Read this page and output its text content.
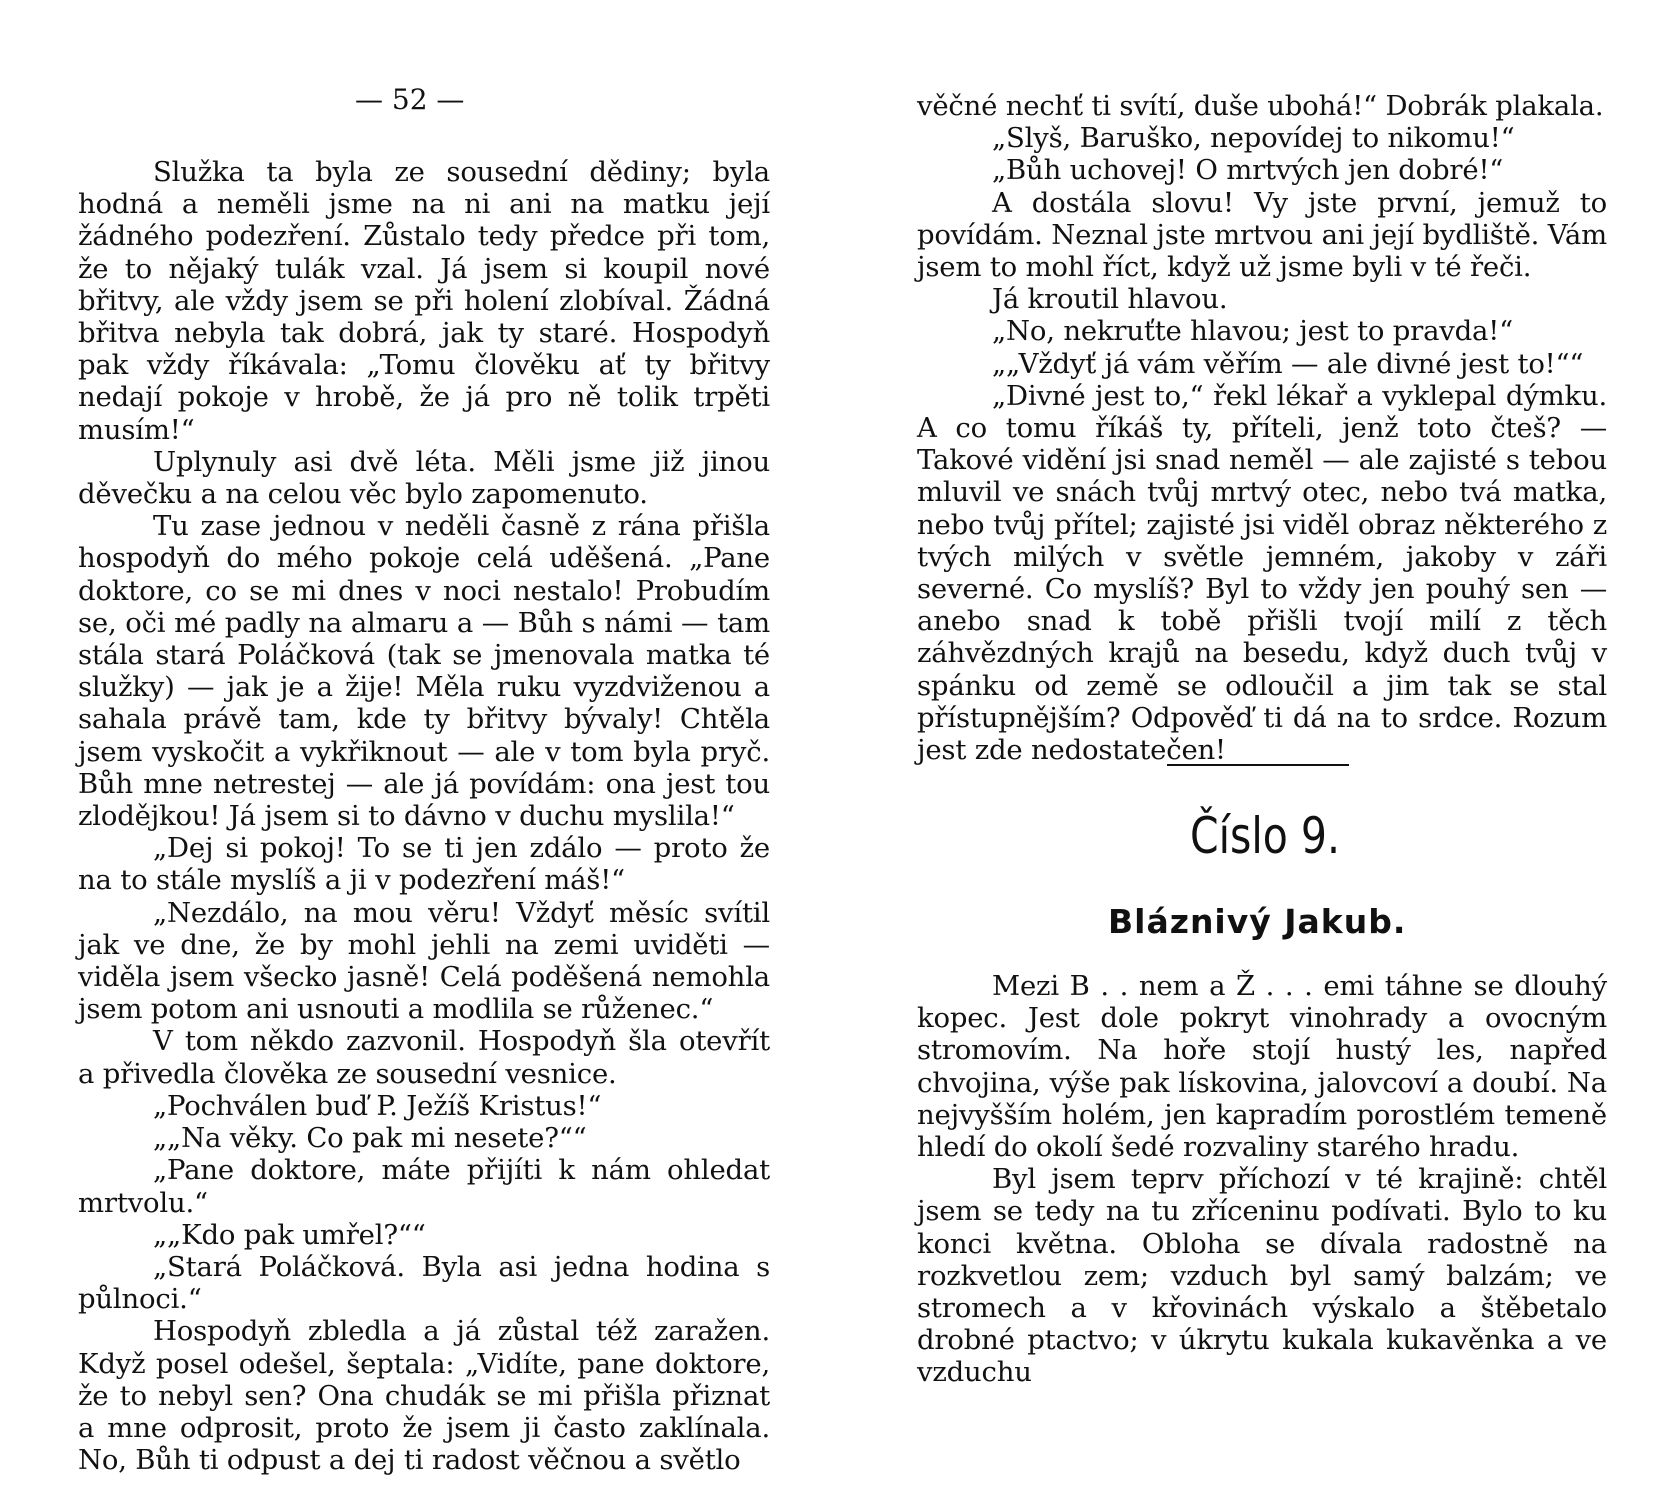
— 52 —

Služka ta byla ze sousední dědiny; byla hodná a neměli jsme na ni ani na matku její žádného podezření. Zůstalo tedy předce při tom, že to nějaký tulák vzal. Já jsem si koupil nové břitvy, ale vždy jsem se při holení zlobíval. Žádná břitva nebyla tak dobrá, jak ty staré. Hospodyň pak vždy říkávala: „Tomu člověku ať ty břitvy nedají pokoje v hrobě, že já pro ně tolik trpěti musím!“

Uplynuly asi dvě léta. Měli jsme již jinou děvečku a na celou věc bylo zapomenuto.

Tu zase jednou v neděli časně z rána přišla hospodyň do mého pokoje celá uděšená. „Pane doktore, co se mi dnes v noci nestalo! Probudím se, oči mé padly na almaru a — Bůh s námi — tam stála stará Poláčková (tak se jmenovala matka té služky) — jak je a žije! Měla ruku vyzdviženou a sahala právě tam, kde ty břitvy bývaly! Chtěla jsem vyskočit a vykřiknout — ale v tom byla pryč. Bůh mne netrestej — ale já povídám: ona jest tou zlodějkou! Já jsem si to dávno v duchu myslila!“

„Dej si pokoj! To se ti jen zdálo — proto že na to stále myslíš a ji v podezření máš!“

„Nezdálo, na mou věru! Vždyť měsíc svítil jak ve dne, že by mohl jehli na zemi uviděti — viděla jsem všecko jasně! Celá poděšená nemohla jsem potom ani usnouti a modlila se růženec.“

V tom někdo zazvonil. Hospodyň šla otevřít a přivedla člověka ze sousední vesnice.

„Pochválen buď P. Ježíš Kristus!“

„„Na věky. Co pak mi nesete?““

„Pane doktore, máte přijíti k nám ohledat mrtvolu.“

„„Kdo pak umřel?““

„Stará Poláčková. Byla asi jedna hodina s půlnoci.“

Hospodyň zbledla a já zůstal též zaražen. Když posel odešel, šeptala: „Vidíte, pane doktore, že to nebyl sen? Ona chudák se mi přišla přiznat a mne odprosit, proto že jsem ji často zaklínala. No, Bůh ti odpust a dej ti radost věčnou a světlo

věčné nechť ti svítí, duše ubohá!“ Dobrák plakala.

„Slyš, Baruško, nepovídej to nikomu!“

„Bůh uchovej! O mrtvých jen dobré!“

A dostála slovu! Vy jste první, jemuž to povídám. Neznal jste mrtvou ani její bydliště. Vám jsem to mohl říct, když už jsme byli v té řeči.

Já kroutil hlavou.

„No, nekruťte hlavou; jest to pravda!“

„„Vždyť já vám věřím — ale divné jest to!““

„Divné jest to,“ řekl lékař a vyklepal dýmku. A co tomu říkáš ty, příteli, jenž toto čteš? — Takové vidění jsi snad neměl — ale zajisté s tebou mluvil ve snách tvůj mrtvý otec, nebo tvá matka, nebo tvůj přítel; zajisté jsi viděl obraz některého z tvých milých v světle jemném, jakoby v záři severné. Co myslíš? Byl to vždy jen pouhý sen — anebo snad k tobě přišli tvojí milí z těch záhvězdných krajů na besedu, když duch tvůj v spánku od země se odloučil a jim tak se stal přístupnějším? Odpověď ti dá na to srdce. Rozum jest zde nedostatečen!

Číslo 9.
Bláznivý Jakub.

Mezi B . . nem a Ž . . . emi táhne se dlouhý kopec. Jest dole pokryt vinohrady a ovocným stromovím. Na hoře stojí hustý les, napřed chvojina, výše pak lískovina, jalovcoví a doubí. Na nejvyšším holém, jen kapradím porostlém temeně hledí do okolí šedé rozvaliny starého hradu.

Byl jsem teprv příchozí v té krajině: chtěl jsem se tedy na tu zříceninu podívati. Bylo to ku konci května. Obloha se dívala radostně na rozkvetlou zem; vzduch byl samý balzám; ve stromech a v křovinách výskalo a štěbetalo drobné ptactvo; v úkrytu kukala kukavěnka a ve vzduchu
